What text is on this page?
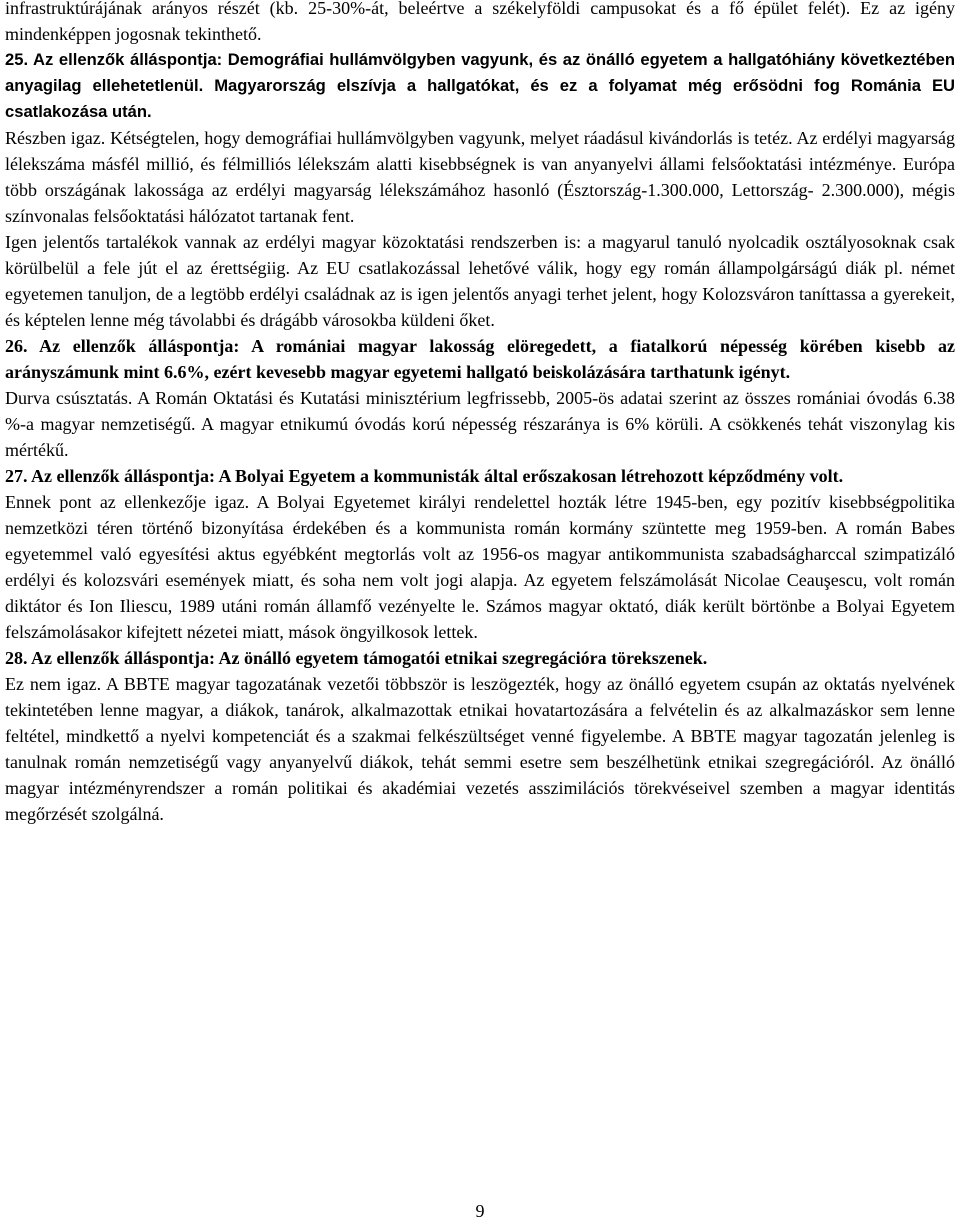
infrastruktúrájának arányos részét (kb. 25-30%-át, beleértve a székelyföldi campusokat és a fő épület felét). Ez az igény mindenképpen jogosnak tekinthető.

25. Az ellenzők álláspontja: Demográfiai hullámvölgyben vagyunk, és az önálló egyetem a hallgatóhiány következtében anyagilag ellehetetlenül. Magyarország elszívja a hallgatókat, és ez a folyamat még erősödni fog Románia EU csatlakozása után.

Részben igaz. Kétségtelen, hogy demográfiai hullámvölgyben vagyunk, melyet ráadásul kivándorlás is tetéz. Az erdélyi magyarság lélekszáma másfél millió, és félmilliós lélekszám alatti kisebbségnek is van anyanyelvi állami felsőoktatási intézménye. Európa több országának lakossága az erdélyi magyarság lélekszámához hasonló (Észtország-1.300.000, Lettország- 2.300.000), mégis színvonalas felsőoktatási hálózatot tartanak fent.

Igen jelentős tartalékok vannak az erdélyi magyar közoktatási rendszerben is: a magyarul tanuló nyolcadik osztályosoknak csak körülbelül a fele jút el az érettségiig. Az EU csatlakozással lehetővé válik, hogy egy román állampolgárságú diák pl. német egyetemen tanuljon, de a legtöbb erdélyi családnak az is igen jelentős anyagi terhet jelent, hogy Kolozsváron taníttassa a gyerekeit, és képtelen lenne még távolabbi és drágább városokba küldeni őket.

26. Az ellenzők álláspontja: A romániai magyar lakosság elöregedett, a fiatalkorú népesség körében kisebb az arányszámunk mint 6.6%, ezért kevesebb magyar egyetemi hallgató beiskolázására tarthatunk igényt.

Durva csúsztatás. A Román Oktatási és Kutatási minisztérium legfrissebb, 2005-ös adatai szerint az összes romániai óvodás 6.38 %-a magyar nemzetiségű. A magyar etnikumú óvodás korú népesség részaránya is 6% körüli. A csökkenés tehát viszonylag kis mértékű.

27. Az ellenzők álláspontja: A Bolyai Egyetem a kommunisták által erőszakosan létrehozott képződmény volt.

Ennek pont az ellenkezője igaz. A Bolyai Egyetemet királyi rendelettel hozták létre 1945-ben, egy pozitív kisebbségpolitika nemzetközi téren történő bizonyítása érdekében és a kommunista román kormány szüntette meg 1959-ben. A román Babes egyetemmel való egyesítési aktus egyébként megtorlás volt az 1956-os magyar antikommunista szabadságharccal szimpatizáló erdélyi és kolozsvári események miatt, és soha nem volt jogi alapja. Az egyetem felszámolását Nicolae Ceauşescu, volt román diktátor és Ion Iliescu, 1989 utáni román államfő vezényelte le. Számos magyar oktató, diák került börtönbe a Bolyai Egyetem felszámolásakor kifejtett nézetei miatt, mások öngyilkosok lettek.

28. Az ellenzők álláspontja: Az önálló egyetem támogatói etnikai szegregációra törekszenek.

Ez nem igaz. A BBTE magyar tagozatának vezetői többször is leszögezték, hogy az önálló egyetem csupán az oktatás nyelvének tekintetében lenne magyar, a diákok, tanárok, alkalmazottak etnikai hovatartozására a felvételin és az alkalmazáskor sem lenne feltétel, mindkettő a nyelvi kompetenciát és a szakmai felkészültséget venné figyelembe. A BBTE magyar tagozatán jelenleg is tanulnak román nemzetiségű vagy anyanyelvű diákok, tehát semmi esetre sem beszélhetünk etnikai szegregációról. Az önálló magyar intézményrendszer a román politikai és akadémiai vezetés asszimilációs törekvéseivel szemben a magyar identitás megőrzését szolgálná.

9
